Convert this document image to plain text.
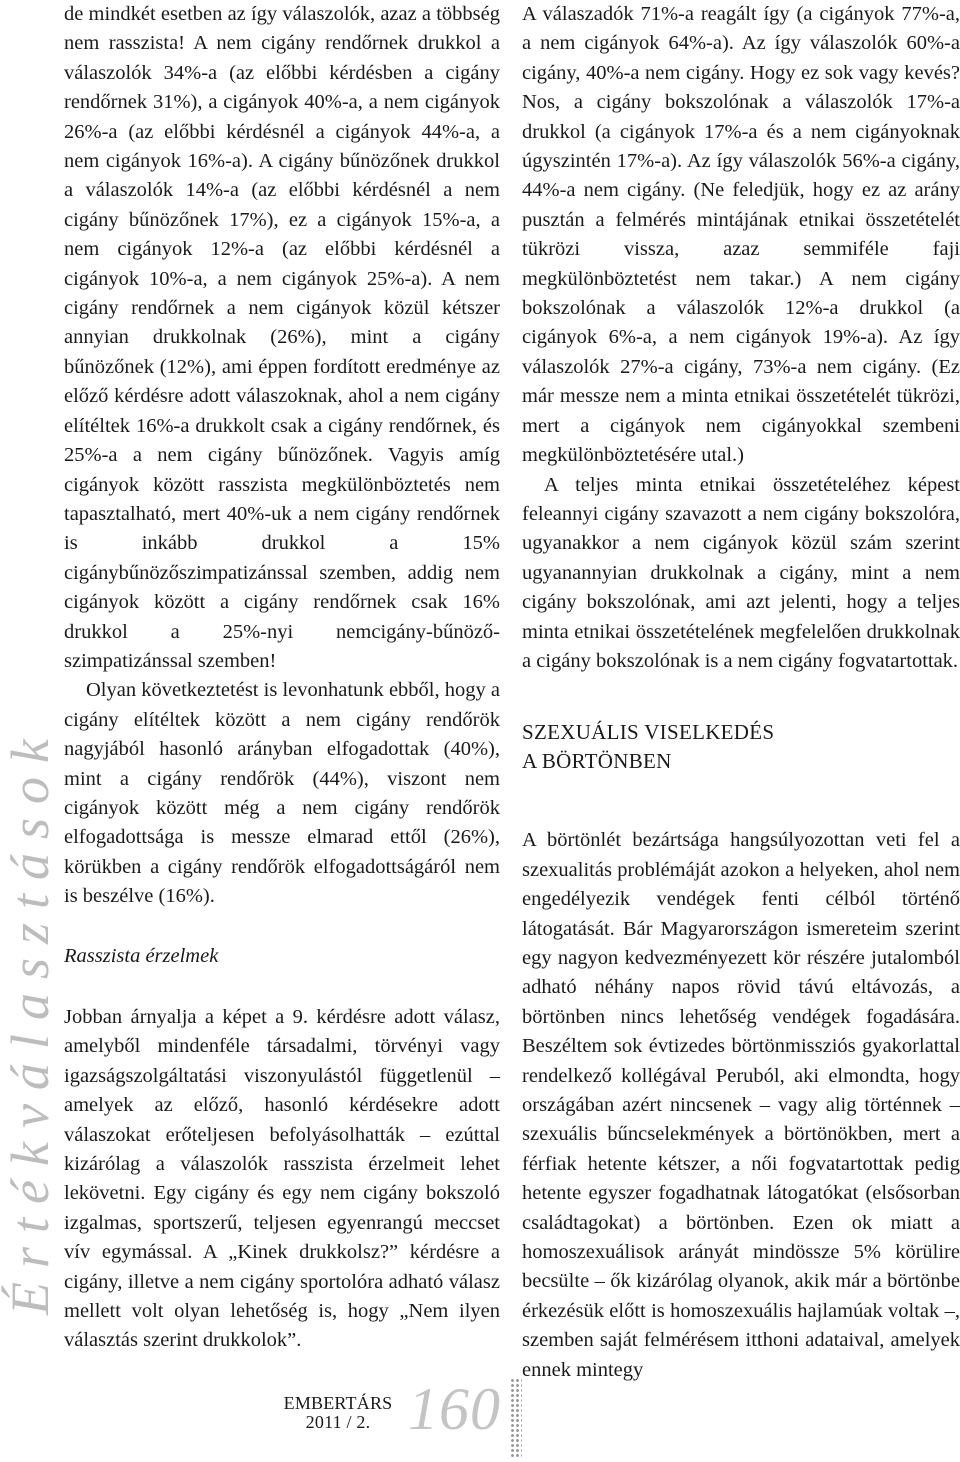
Értékválasztások

de mindkét esetben az így válaszolók, azaz a többség nem rasszista! A nem cigány rendőrnek drukkol a válaszolók 34%-a (az előbbi kérdésben a cigány rendőrnek 31%), a cigányok 40%-a, a nem cigányok 26%-a (az előbbi kérdésnél a cigányok 44%-a, a nem cigányok 16%-a). A cigány bűnözőnek drukkol a válaszolók 14%-a (az előbbi kérdésnél a nem cigány bűnözőnek 17%), ez a cigányok 15%-a, a nem cigányok 12%-a (az előbbi kérdésnél a cigányok 10%-a, a nem cigányok 25%-a). A nem cigány rendőrnek a nem cigányok közül kétszer annyian drukkolnak (26%), mint a cigány bűnözőnek (12%), ami éppen fordított eredménye az előző kérdésre adott válaszoknak, ahol a nem cigány elítéltek 16%-a drukkolt csak a cigány rendőrnek, és 25%-a a nem cigány bűnözőnek. Vagyis amíg cigányok között rasszista megkülönböztetés nem tapasztalható, mert 40%-uk a nem cigány rendőrnek is inkább drukkol a 15% cigánybűnözőszimpatizánssal szemben, addig nem cigányok között a cigány rendőrnek csak 16% drukkol a 25%-nyi nemcigány-bűnöző-szimpatizánssal szemben!

Olyan következtetést is levonhatunk ebből, hogy a cigány elítéltek között a nem cigány rendőrök nagyjából hasonló arányban elfogadottak (40%), mint a cigány rendőrök (44%), viszont nem cigányok között még a nem cigány rendőrök elfogadottsága is messze elmarad ettől (26%), körükben a cigány rendőrök elfogadottságáról nem is beszélve (16%).

Rasszista érzelmek

Jobban árnyalja a képet a 9. kérdésre adott válasz, amelyből mindenféle társadalmi, törvényi vagy igazságszolgáltatási viszonyulástól függetlenül – amelyek az előző, hasonló kérdésekre adott válaszokat erőteljesen befolyásolhatták – ezúttal kizárólag a válaszolók rasszista érzelmeit lehet lekövetni. Egy cigány és egy nem cigány bokszoló izgalmas, sportszerű, teljesen egyenrangú meccset vív egymással. A „Kinek drukkolsz?” kérdésre a cigány, illetve a nem cigány sportolóra adható válasz mellett volt olyan lehetőség is, hogy „Nem ilyen választás szerint drukkolok”.

A válaszadók 71%-a reagált így (a cigányok 77%-a, a nem cigányok 64%-a). Az így válaszolók 60%-a cigány, 40%-a nem cigány. Hogy ez sok vagy kevés? Nos, a cigány bokszolónak a válaszolók 17%-a drukkol (a cigányok 17%-a és a nem cigányoknak úgyszintén 17%-a). Az így válaszolók 56%-a cigány, 44%-a nem cigány. (Ne feledjük, hogy ez az arány pusztán a felmérés mintájának etnikai összetételét tükrözi vissza, azaz semmiféle faji megkülönböztetést nem takar.) A nem cigány bokszolónak a válaszolók 12%-a drukkol (a cigányok 6%-a, a nem cigányok 19%-a). Az így válaszolók 27%-a cigány, 73%-a nem cigány. (Ez már messze nem a minta etnikai összetételét tükrözi, mert a cigányok nem cigányokkal szembeni megkülönböztetésére utal.)

A teljes minta etnikai összetételéhez képest feleannyi cigány szavazott a nem cigány bokszolóra, ugyanakkor a nem cigányok közül szám szerint ugyanannyian drukkolnak a cigány, mint a nem cigány bokszolónak, ami azt jelenti, hogy a teljes minta etnikai összetételének megfelelően drukkolnak a cigány bokszolónak is a nem cigány fogvatartottak.

SZEXUÁLIS VISELKEDÉS
A BÖRTÖNBEN

A börtönlét bezártsága hangsúlyozottan veti fel a szexualitás problémáját azokon a helyeken, ahol nem engedélyezik vendégek fenti célból történő látogatását. Bár Magyarországon ismereteim szerint egy nagyon kedvezményezett kör részére jutalomból adható néhány napos rövid távú eltávozás, a börtönben nincs lehetőség vendégek fogadására. Beszéltem sok évtizedes börtönmissziós gyakorlattal rendelkező kollégával Peruból, aki elmondta, hogy országában azért nincsenek – vagy alig történnek – szexuális bűncselekmények a börtönökben, mert a férfiak hetente kétszer, a női fogvatartottak pedig hetente egyszer fogadhatnak látogatókat (elsősorban családtagokat) a börtönben. Ezen ok miatt a homoszexuálisok arányát mindössze 5% körülire becsülte – ők kizárólag olyanok, akik már a börtönbe érkezésük előtt is homoszexuális hajlamúak voltak –, szemben saját felmérésem itthoni adataival, amelyek ennek mintegy

EMBERTÁRS
2011 / 2. 160
